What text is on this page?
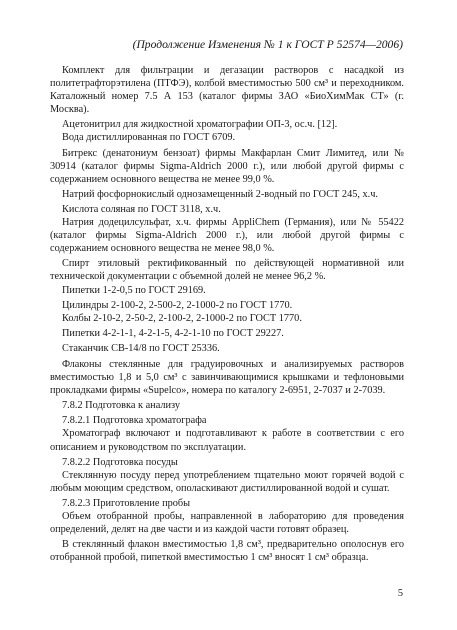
(Продолжение Изменения № 1 к ГОСТ Р 52574—2006)

Комплект для фильтрации и дегазации растворов с насадкой из политетрафторэтилена (ПТФЭ), колбой вместимостью 500 см³ и переходником. Каталожный номер 7.5 А 153 (каталог фирмы ЗАО «БиоХимМак СТ» (г. Москва).

Ацетонитрил для жидкостной хроматографии ОП-3, ос.ч. [12].

Вода дистиллированная по ГОСТ 6709.

Битрекс (денатониум бензоат) фирмы Макфарлан Смит Лимитед, или № 30914 (каталог фирмы Sigma-Aldrich 2000 г.), или любой другой фирмы с содержанием основного вещества не менее 99,0 %.

Натрий фосфорнокислый однозамещенный 2-водный по ГОСТ 245, х.ч.

Кислота соляная по ГОСТ 3118, х.ч.

Натрия додецилсульфат, х.ч. фирмы AppliChem (Германия), или № 55422 (каталог фирмы Sigma-Aldrich 2000 г.), или любой другой фирмы с содержанием основного вещества не менее 98,0 %.

Спирт этиловый ректификованный по действующей нормативной или технической документации с объемной долей не менее 96,2 %.

Пипетки 1-2-0,5 по ГОСТ 29169.

Цилиндры 2-100-2, 2-500-2, 2-1000-2 по ГОСТ 1770.

Колбы 2-10-2, 2-50-2, 2-100-2, 2-1000-2 по ГОСТ 1770.

Пипетки 4-2-1-1, 4-2-1-5, 4-2-1-10 по ГОСТ 29227.

Стаканчик СВ-14/8 по ГОСТ 25336.

Флаконы стеклянные для градуировочных и анализируемых растворов вместимостью 1,8 и 5,0 см³ с завинчивающимися крышками и тефлоновыми прокладками фирмы «Supelco», номера по каталогу 2-6951, 2-7037 и 2-7039.

7.8.2 Подготовка к анализу

7.8.2.1 Подготовка хроматографа

Хроматограф включают и подготавливают к работе в соответствии с его описанием и руководством по эксплуатации.

7.8.2.2 Подготовка посуды

Стеклянную посуду перед употреблением тщательно моют горячей водой с любым моющим средством, ополаскивают дистиллированной водой и сушат.

7.8.2.3 Приготовление пробы

Объем отобранной пробы, направленной в лабораторию для проведения определений, делят на две части и из каждой части готовят образец.

В стеклянный флакон вместимостью 1,8 см³, предварительно ополоснув его отобранной пробой, пипеткой вместимостью 1 см³ вносят 1 см³ образца.

5
